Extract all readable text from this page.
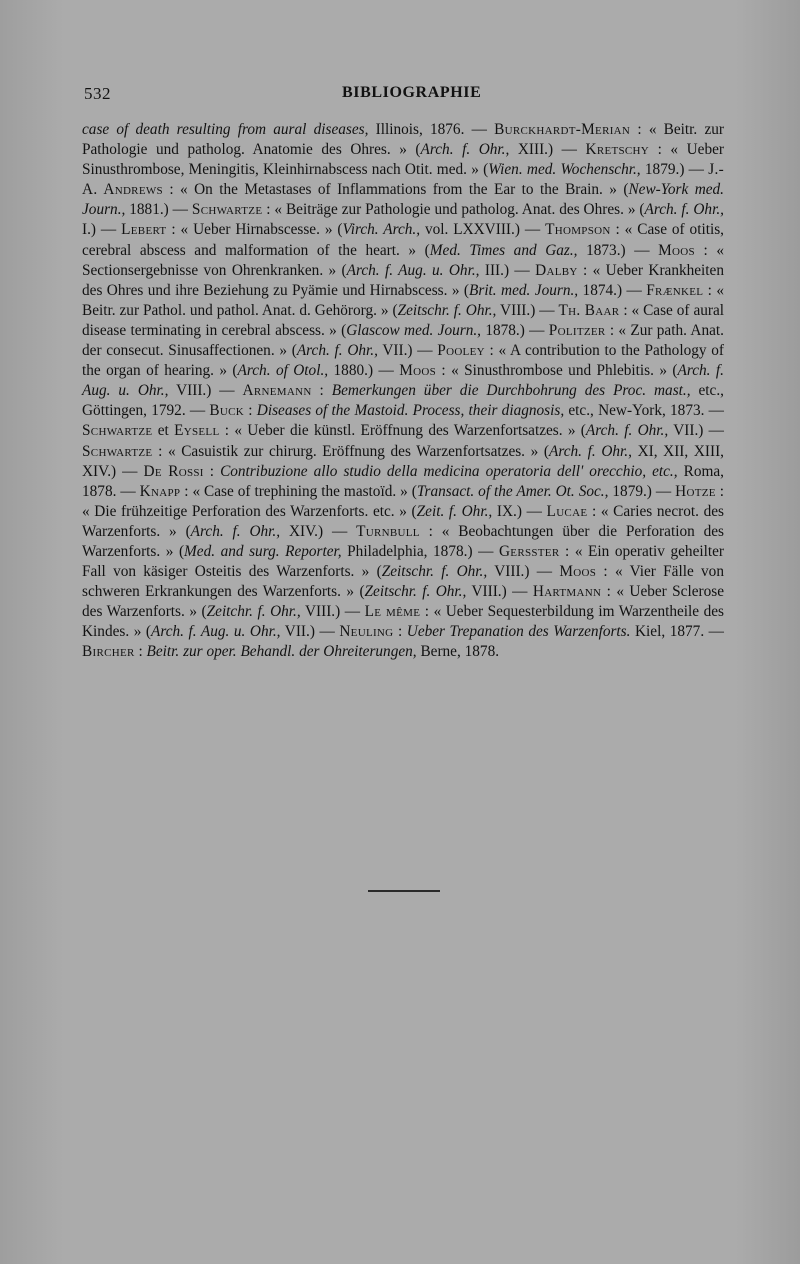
532	BIBLIOGRAPHIE

case of death resulting from aural diseases, Illinois, 1876. — Burckhardt-Merian : « Beitr. zur Pathologie und patholog. Anatomie des Ohres. » (Arch. f. Ohr., XIII.) — Kretschy : « Ueber Sinusthrombose, Meningitis, Kleinhirnabscess nach Otit. med. » (Wien. med. Wochenschr., 1879.) — J.-A. Andrews : « On the Metastases of Inflammations from the Ear to the Brain. » (New-York med. Journ., 1881.) — Schwartze : « Beiträge zur Pathologie und patholog. Anat. des Ohres. » (Arch. f. Ohr., I.) — Lebert : « Ueber Hirnabscesse. » (Virch. Arch., vol. LXXVIII.) — Thompson : « Case of otitis, cerebral abscess and malformation of the heart. » (Med. Times and Gaz., 1873.) — Moos : « Sectionsergebnisse von Ohrenkranken. » (Arch. f. Aug. u. Ohr., III.) — Dalby : « Ueber Krankheiten des Ohres und ihre Beziehung zu Pyämie und Hirnabscess. » (Brit. med. Journ., 1874.) — Frænkel : « Beitr. zur Pathol. und pathol. Anat. d. Gehörorg. » (Zeitschr. f. Ohr., VIII.) — Th. Baar : « Case of aural disease terminating in cerebral abscess. » (Glascow med. Journ., 1878.) — Politzer : « Zur path. Anat. der consecut. Sinusaffectionen. » (Arch. f. Ohr., VII.) — Pooley : « A contribution to the Pathology of the organ of hearing. » (Arch. of Otol., 1880.) — Moos : « Sinusthrombose und Phlebitis. » (Arch. f. Aug. u. Ohr., VIII.) — Arnemann : Bemerkungen über die Durchbohrung des Proc. mast., etc., Göttingen, 1792. — Buck : Diseases of the Mastoid. Process, their diagnosis, etc., New-York, 1873. — Schwartze et Eysell : « Ueber die künstl. Eröffnung des Warzenfortsatzes. » (Arch. f. Ohr., VII.) — Schwartze : « Casuistik zur chirurg. Eröffnung des Warzenfortsatzes. » (Arch. f. Ohr., XI, XII, XIII, XIV.) — De Rossi : Contribuzione allo studio della medicina operatoria dell' orecchio, etc., Roma, 1878. — Knapp : « Case of trephining the mastoïd. » (Transact. of the Amer. Ot. Soc., 1879.) — Hotze : « Die frühzeitige Perforation des Warzenforts. etc. » (Zeit. f. Ohr., IX.) — Lucae : « Caries necrot. des Warzenforts. » (Arch. f. Ohr., XIV.) — Turnbull : « Beobachtungen über die Perforation des Warzenforts. » (Med. and surg. Reporter, Philadelphia, 1878.) — Gersster : « Ein operativ geheilter Fall von käsiger Osteitis des Warzenforts. » (Zeitschr. f. Ohr., VIII.) — Moos : « Vier Fälle von schweren Erkrankungen des Warzenforts. » (Zeitschr. f. Ohr., VIII.) — Hartmann : « Ueber Sclerose des Warzenforts. » (Zeitchr. f. Ohr., VIII.) — Le même : « Ueber Sequesterbildung im Warzentheile des Kindes. » (Arch. f. Aug. u. Ohr., VII.) — Neuling : Ueber Trepanation des Warzenforts. Kiel, 1877. — Bircher : Beitr. zur oper. Behandl. der Ohreiterungen, Berne, 1878.
